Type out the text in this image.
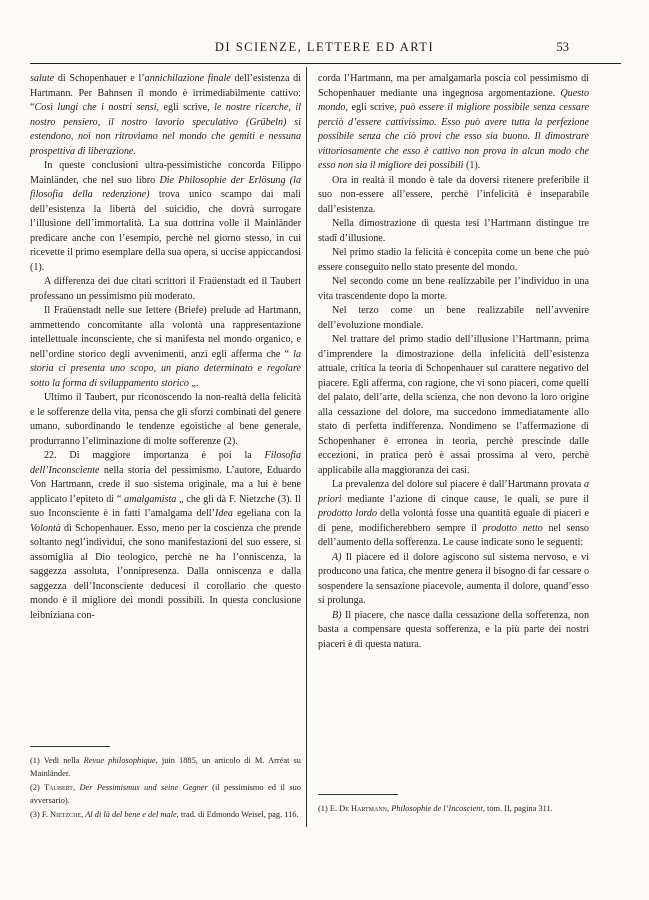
DI SCIENZE, LETTERE ED ARTI	53

salute di Schopenhauer e l’annichilazione finale dell’esistenza di Hartmann. Per Bahnsen il mondo è irrimediabilmente cattivo: “Così lungi che i nostri sensi, egli scrive, le nostre ricerche, il nostro pensiero, il nostro lavorio speculativo (Grübeln) si estendono, noi non ritroviamo nel mondo che gemiti e nessuna prospettiva di liberazione.

In queste conclusioni ultra-pessimistiche concorda Filippo Mainländer, che nel suo libro Die Philosophie der Erlösung (la filosofia della redenzione) trova unico scampo dai mali dell’esistenza la libertà del suicidio, che dovrà surrogare l’illusione dell’immortalità. La sua dottrina volle il Mainländer predicare anche con l’esempio, perchè nel giorno stesso, in cui ricevette il primo esemplare della sua opera, si uccise appiccandosi (1).

A differenza dei due citati scrittori il Fraüenstadt ed il Taubert professano un pessimismo più moderato.

Il Fraüenstadt nelle sue lettere (Briefe) prelude ad Hartmann, ammettendo concomitante alla volontà una rappresentazione intellettuale inconsciente, che si manifesta nel mondo organico, e nell’ordine storico degli avvenimenti, anzi egli afferma che “ la storia ci presenta uno scopo, un piano determinato e regolare sotto la forma di sviluppamento storico „.

Ultimo il Taubert, pur riconoscendo la non-realtà della felicità e le sofferenze della vita, pensa che gli sforzi combinati del genere umano, subordinando le tendenze egoistiche al bene generale, produrranno l’eliminazione di molte sofferenze (2).

22. Di maggiore importanza è poi la Filosofia dell’Inconsciente nella storia del pessimismo. L’autore, Eduardo Von Hartmann, crede il suo sistema originale, ma a lui è bene applicato l’epiteto di “ amalgamista „ che gli dà F. Nietzche (3). Il suo Inconsciente è in fatti l’amalgama dell’Idea egeliana con la Volontà di Schopenhauer. Esso, meno per la coscienza che prende soltanto negl’individui, che sono manifestazioni del suo essere, si assomiglia al Dio teologico, perchè ne ha l’onniscenza, la saggezza assoluta, l’onnipresenza. Dalla onniscenza e dalla saggezza dell’Inconsciente deducesi il corollario che questo mondo è il migliore dei mondi possibili. In questa conclusione leibniziana con-

(1) Vedi nella Revue philosophique, juin 1885, un articolo di M. Arréat su Mainländer.
(2) Taubert, Der Pessimismus und seine Gegner (il pessimismo ed il suo avversario).
(3) F. Nietzche, Al di là del bene e del male, trad. di Edmondo Weisel, pag. 116.

corda l’Hartmann, ma per amalgamarla poscia col pessimismo di Schopenhauer mediante una ingegnosa argomentazione. Questo mondo, egli scrive, può essere il migliore possibile senza cessare perciò d’essere cattivissimo. Esso può avere tutta la perfezione possibile senza che ciò provi che esso sia buono. Il dimostrare vittoriosamente che esso è cattivo non prova in alcun modo che esso non sia il migliore dei possibili (1).

Ora in realtà il mondo è tale da doversi ritenere preferibile il suo non-essere all’essere, perchè l’infelicità è inseparabile dall’esistenza.

Nella dimostrazione di questa tesi l’Hartmann distingue tre stadî d’illusione.

Nel primo stadio la felicità è concepita come un bene che può essere conseguito nello stato presente del mondo.

Nel secondo come un bene realizzabile per l’individuo in una vita trascendente dopo la morte.

Nel terzo come un bene realizzabile nell’avvenire dell’evoluzione mondiale.

Nel trattare del primo stadio dell’illusione l’Hartmann, prima d’imprendere la dimostrazione della infelicità dell’esistenza attuale, critica la teoria di Schopenhauer sul carattere negativo del piacere. Egli afferma, con ragione, che vi sono piaceri, come quelli del palato, dell’arte, della scienza, che non devono la loro origine alla cessazione del dolore, ma succedono immediatamente allo stato di perfetta indifferenza. Nondimeno se l’affermazione di Schopenhaner è erronea in teoria, perchè prescinde dalle eccezioni, in pratica però è assai prossima al vero, perchè applicabile alla maggioranza dei casi.

La prevalenza del dolore sul piacere è dall’Hartmann provata a priori mediante l’azione di cinque cause, le quali, se pure il prodotto lordo della volontà fosse una quantità eguale di piaceri e di pene, modificherebbero sempre il prodotto netto nel senso dell’aumento della sofferenza. Le cause indicate sono le seguenti:

A) Il piacere ed il dolore agiscono sul sistema nervoso, e vi producono una fatica, che mentre genera il bisogno di far cessare o sospendere la sensazione piacevole, aumenta il dolore, quand’esso si prolunga.

B) Il piacere, che nasce dalla cessazione della sofferenza, non basta a compensare questa sofferenza, e la più parte dei nostri piaceri è di questa natura.

(1) E. De Hartmann, Philosophie de l’Incoscient, tom. II, pagina 311.
